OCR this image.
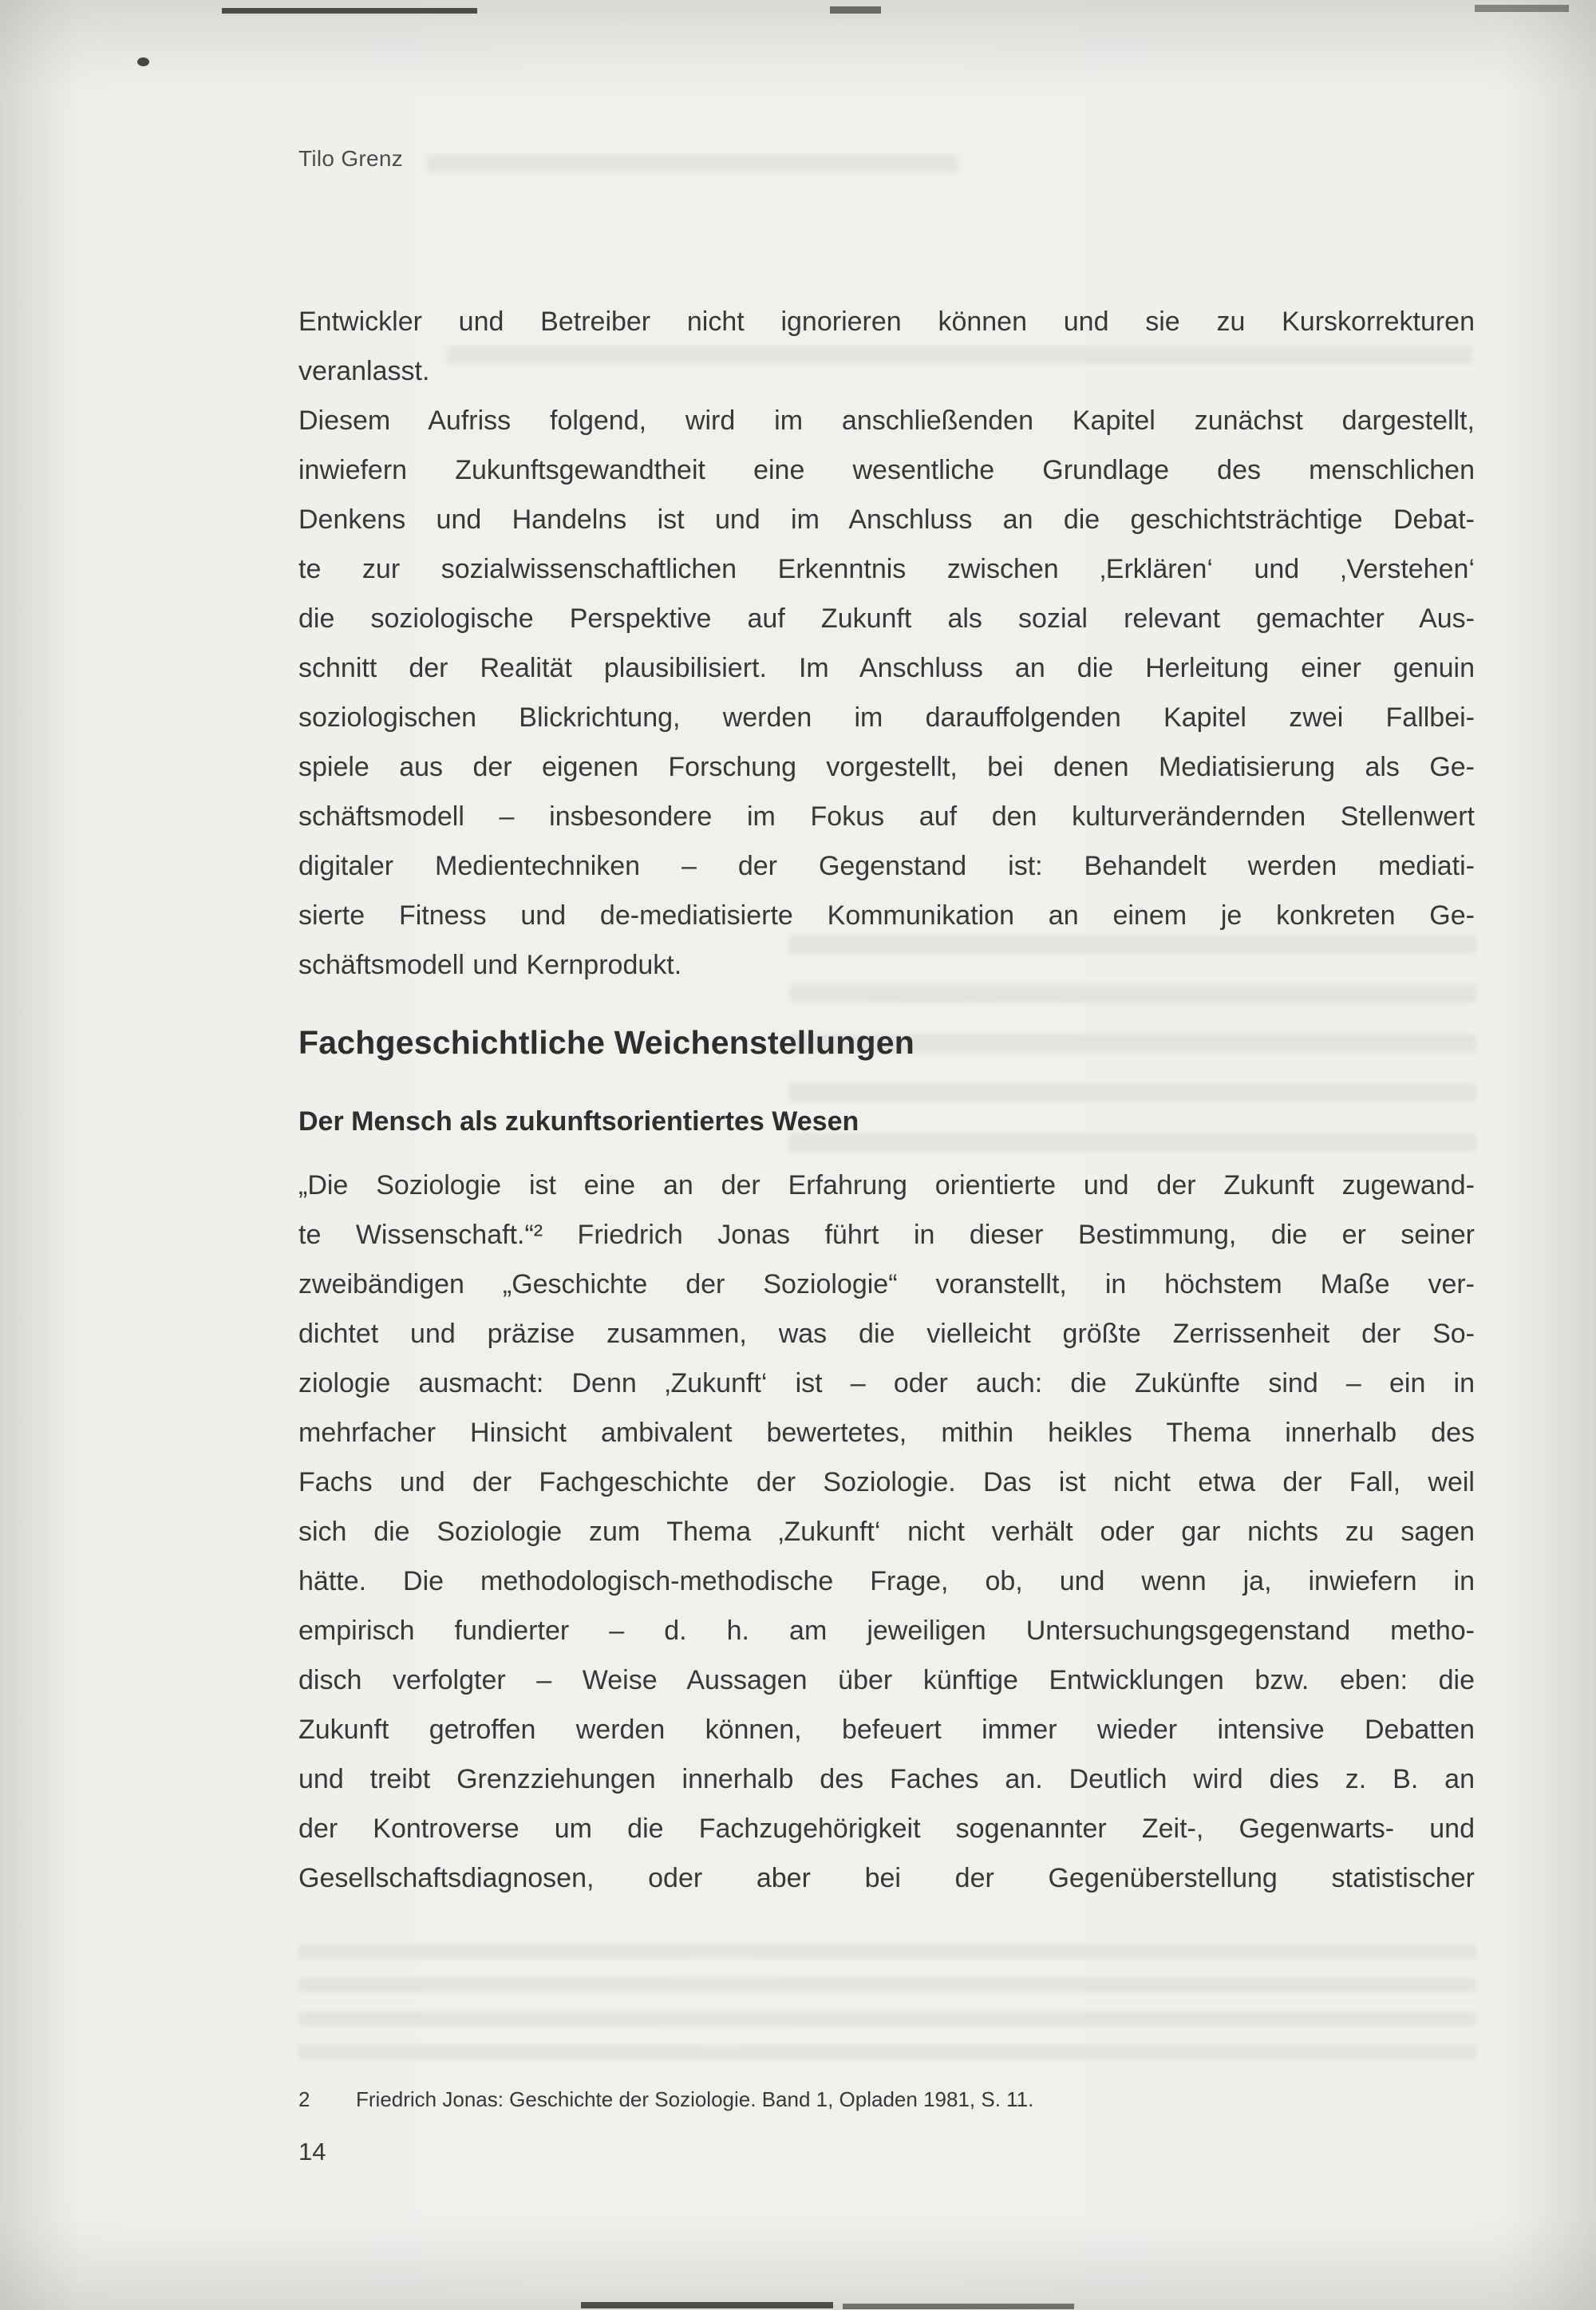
Tilo Grenz
Entwickler und Betreiber nicht ignorieren können und sie zu Kurskorrekturen
veranlasst.
Diesem Aufriss folgend, wird im anschließenden Kapitel zunächst dargestellt,
inwiefern Zukunftsgewandtheit eine wesentliche Grundlage des menschlichen
Denkens und Handelns ist und im Anschluss an die geschichtsträchtige Debat-
te zur sozialwissenschaftlichen Erkenntnis zwischen ‚Erklären‘ und ‚Verstehen‘
die soziologische Perspektive auf Zukunft als sozial relevant gemachter Aus-
schnitt der Realität plausibilisiert. Im Anschluss an die Herleitung einer genuin
soziologischen Blickrichtung, werden im darauffolgenden Kapitel zwei Fallbei-
spiele aus der eigenen Forschung vorgestellt, bei denen Mediatisierung als Ge-
schäftsmodell – insbesondere im Fokus auf den kulturverändernden Stellenwert
digitaler Medientechniken – der Gegenstand ist: Behandelt werden mediati-
sierte Fitness und de-mediatisierte Kommunikation an einem je konkreten Ge-
schäftsmodell und Kernprodukt.
Fachgeschichtliche Weichenstellungen
Der Mensch als zukunftsorientiertes Wesen
„Die Soziologie ist eine an der Erfahrung orientierte und der Zukunft zugewand-
te Wissenschaft.“² Friedrich Jonas führt in dieser Bestimmung, die er seiner
zweibändigen „Geschichte der Soziologie“ voranstellt, in höchstem Maße ver-
dichtet und präzise zusammen, was die vielleicht größte Zerrissenheit der So-
ziologie ausmacht: Denn ‚Zukunft‘ ist – oder auch: die Zukünfte sind – ein in
mehrfacher Hinsicht ambivalent bewertetes, mithin heikles Thema innerhalb des
Fachs und der Fachgeschichte der Soziologie. Das ist nicht etwa der Fall, weil
sich die Soziologie zum Thema ‚Zukunft‘ nicht verhält oder gar nichts zu sagen
hätte. Die methodologisch-methodische Frage, ob, und wenn ja, inwiefern in
empirisch fundierter – d. h. am jeweiligen Untersuchungsgegenstand metho-
disch verfolgter – Weise Aussagen über künftige Entwicklungen bzw. eben: die
Zukunft getroffen werden können, befeuert immer wieder intensive Debatten
und treibt Grenzziehungen innerhalb des Faches an. Deutlich wird dies z. B. an
der Kontroverse um die Fachzugehörigkeit sogenannter Zeit-, Gegenwarts- und
Gesellschaftsdiagnosen, oder aber bei der Gegenüberstellung statistischer
2	Friedrich Jonas: Geschichte der Soziologie. Band 1, Opladen 1981, S. 11.
14
